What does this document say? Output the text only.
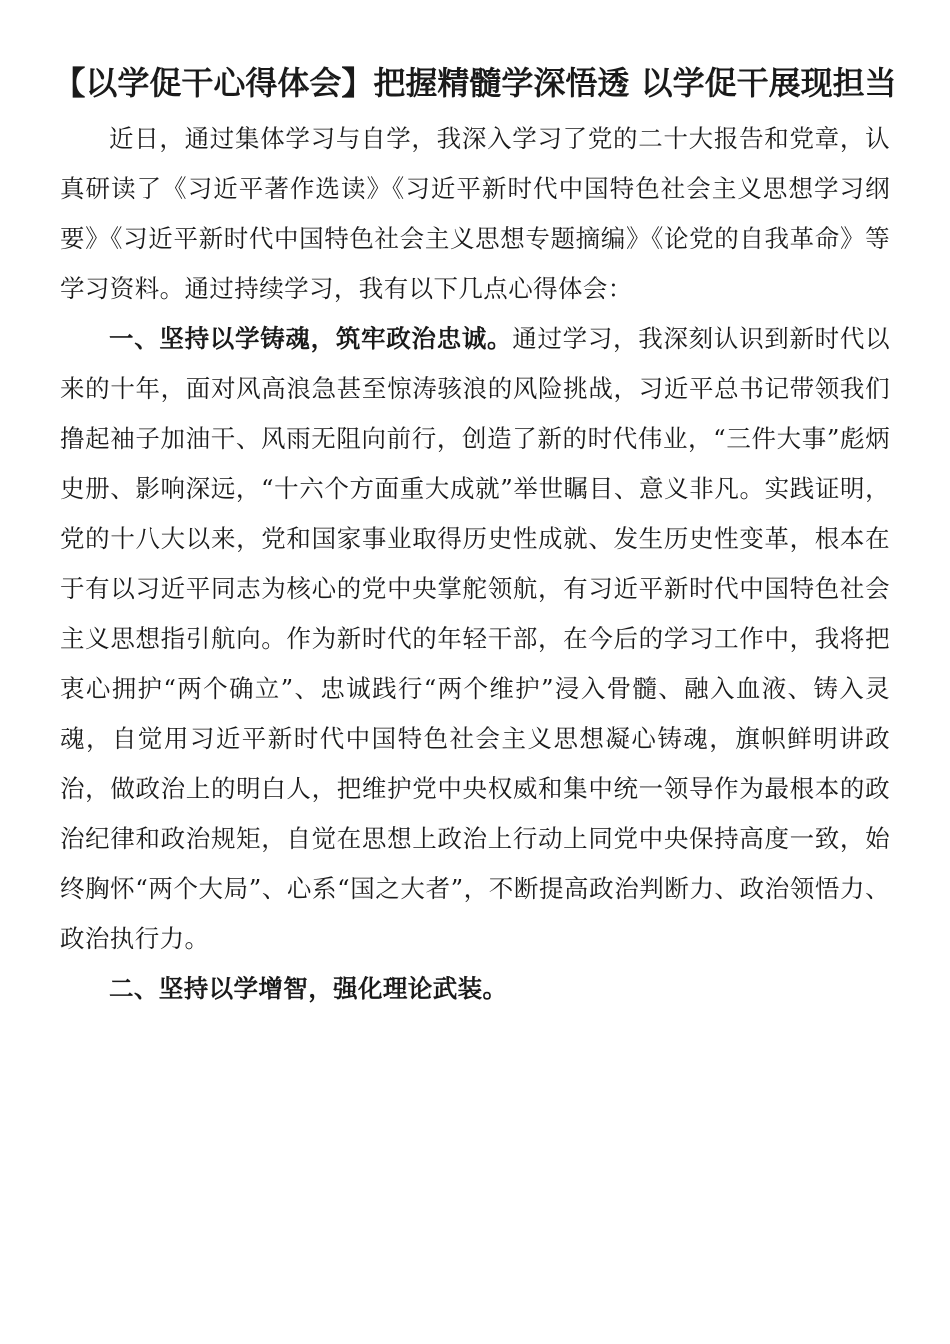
【以学促干心得体会】把握精髓学深悟透 以学促干展现担当

近日，通过集体学习与自学，我深入学习了党的二十大报告和党章，认真研读了《习近平著作选读》《习近平新时代中国特色社会主义思想学习纲要》《习近平新时代中国特色社会主义思想专题摘编》《论党的自我革命》等学习资料。通过持续学习，我有以下几点心得体会：

一、坚持以学铸魂，筑牢政治忠诚。通过学习，我深刻认识到新时代以来的十年，面对风高浪急甚至惊涛骇浪的风险挑战，习近平总书记带领我们撸起袖子加油干、风雨无阻向前行，创造了新的时代伟业，“三件大事”彪炳史册、影响深远，“十六个方面重大成就”举世瞩目、意义非凡。实践证明，党的十八大以来，党和国家事业取得历史性成就、发生历史性变革，根本在于有以习近平同志为核心的党中央掌舵领航，有习近平新时代中国特色社会主义思想指引航向。作为新时代的年轻干部，在今后的学习工作中，我将把衷心拥护“两个确立”、忠诚践行“两个维护”浸入骨髓、融入血液、铸入灵魂，自觉用习近平新时代中国特色社会主义思想凝心铸魂，旗帜鲜明讲政治，做政治上的明白人，把维护党中央权威和集中统一领导作为最根本的政治纪律和政治规矩，自觉在思想上政治上行动上同党中央保持高度一致，始终胸怀“两个大局”、心系“国之大者”，不断提高政治判断力、政治领悟力、政治执行力。

二、坚持以学增智，强化理论武装。
